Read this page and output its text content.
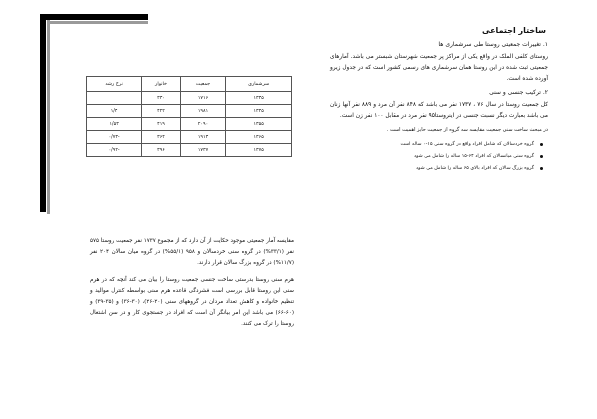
ساختار اجتماعی
۱. تغییرات جمعیتی روستا طی سرشماری ها
روستای کلفی الملک در واقع یکی از مراکز پر جمعیت شهرستان شبستر می باشد. آمارهای جمعیتی ثبت شده در این روستا همان سرشماری های رسمی کشور است که در جدول زیرو آورده شده است.
۲. ترکیب جنسی و سنی
کل جمعیت روستا در سال ۷۶ ، ۱۷۳۷ نفر می باشد که ۸۴۸ نفر آن مرد و ۸۸۹ نفر آنها زنان می باشد بعبارت دیگر نسبت جنسی در اینروستا۹۵ نفر مرد در مقابل ۱۰۰ نفر زن است.
در مبحث ساخت سنی جمعیت مقایسه سه گروه از جمعیت حایز اهمیت است .
گروه خردسالان که شامل افراد واقع در گروه سنی ۱۵-۰ ساله است
گروه سنی میانسالان که افراد ۶۴-۱۵ ساله را شامل می شود
گروه بزرگ سالان که افراد بالای ۶۵ ساله را شامل می شود
سرشماری	جمعیت	خانوار	نرخ رشد
۱۳۳۵	۱۷۱۶	۳۳۰	
۱۳۴۵	۱۹۸۱	۴۲۲	۱/۴
۱۳۵۵	۲۰۹۰	۴۱۹	۱/۵۳
۱۳۶۵	۱۹۱۳	۳۶۴	-۰/۷۳
۱۳۷۵	۱۷۳۷	۳۹۶	-۰/۹۲
مقایسه آمار جمعیتی موجود حکایت از آن دارد که از مجموع ۱۷۳۷ نفر جمعیت روستا ۵۷۵ نفر (۳۳/۱%) در گروه سنی خردسالان و ۹۵۸ (۵۵/۱%) در گروه میان سالان ۲۰۴ نفر (۱۱/۷%) در گروه بزرگ سالان قرار دارند.
هرم سنی روستا بدرستی ساخت جنسی جمعیت روستا را بیان می کند آنچه که در هرم سنی این روستا قابل بررسی است فشردگی قاعده هرم سنی بواسطه کنترل موالید و تنظیم خانواده و کاهش تعداد مردان در گروههای سنی (۲۰-۲۶)، (۳۰-۳۶) و (۳۵-۳۹) و (۶۰-۶۶) می باشد این امر بیانگر آن است که افراد در جستجوی کار و در سن اشتغال روستا را ترک می کنند.
